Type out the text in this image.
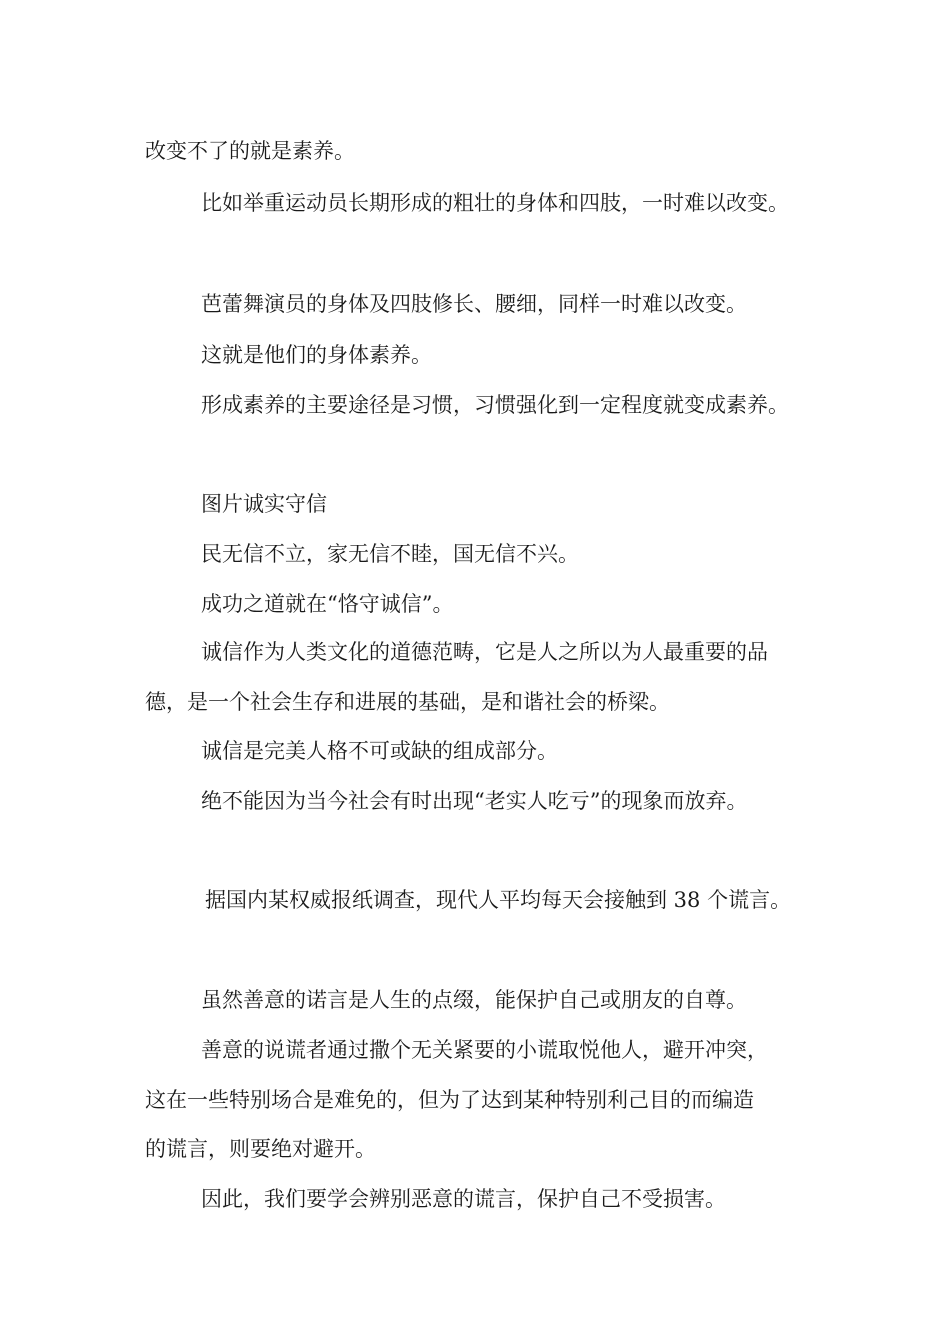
改变不了的就是素养。

比如举重运动员长期形成的粗壮的身体和四肢，一时难以改变。

芭蕾舞演员的身体及四肢修长、腰细，同样一时难以改变。

这就是他们的身体素养。

形成素养的主要途径是习惯，习惯强化到一定程度就变成素养。

图片诚实守信

民无信不立，家无信不睦，国无信不兴。

成功之道就在“恪守诚信”。

诚信作为人类文化的道德范畴，它是人之所以为人最重要的品

德，是一个社会生存和进展的基础，是和谐社会的桥梁。

诚信是完美人格不可或缺的组成部分。

绝不能因为当今社会有时出现“老实人吃亏”的现象而放弃。

据国内某权威报纸调查，现代人平均每天会接触到 38 个谎言。

虽然善意的诺言是人生的点缀，能保护自己或朋友的自尊。

善意的说谎者通过撒个无关紧要的小谎取悦他人，避开冲突，

这在一些特别场合是难免的，但为了达到某种特别利己目的而编造

的谎言，则要绝对避开。

因此，我们要学会辨别恶意的谎言，保护自己不受损害。
